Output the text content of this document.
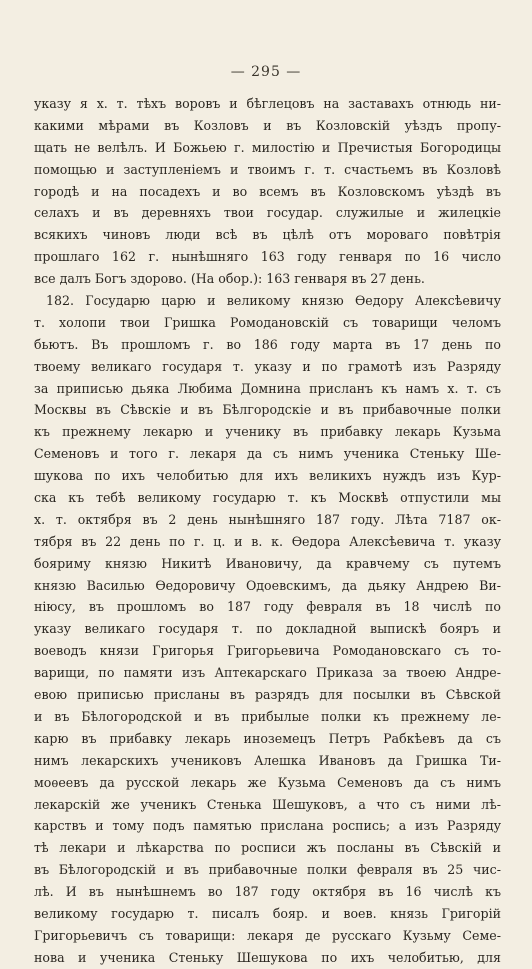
— 295 —
указу я х. т. тѣхъ воровъ и бѣглецовъ на заставахъ отнюдь ни-
какими мѣрами въ Козловъ и въ Козловскій уѣздъ пропу-
щать не велѣлъ. И Божьею г. милостію и Пречистыя Богородицы
помощью и заступленіемъ и твоимъ г. т. счастьемъ въ Козловѣ
городѣ и на посадехъ и во всемъ въ Козловскомъ уѣздѣ въ
селахъ и въ деревняхъ твои государ. служилые и жилецкіе
всякихъ чиновъ люди всѣ въ цѣлѣ отъ мороваго повѣтрія
прошлаго 162 г. нынѣшняго 163 году генваря по 16 число
все далъ Богъ здорово. (На обор.): 163 генваря въ 27 день.
182. Государю царю и великому князю Ѳедору Алексѣевичу
т. холопи твои Гришка Ромодановскій съ товарищи челомъ
бьютъ. Въ прошломъ г. во 186 году марта въ 17 день по
твоему великаго государя т. указу и по грамотѣ изъ Разряду
за приписью дьяка Любима Домнина присланъ къ намъ х. т. съ
Москвы въ Сѣвскіе и въ Бѣлгородскіе и въ прибавочные полки
къ прежнему лекарю и ученику въ прибавку лекарь Кузьма
Семеновъ и того г. лекаря да съ нимъ ученика Стеньку Ше-
шукова по ихъ челобитью для ихъ великихъ нуждъ изъ Кур-
ска къ тебѣ великому государю т. къ Москвѣ отпустили мы
х. т. октября въ 2 день нынѣшняго 187 году. Лѣта 7187 ок-
тября въ 22 день по г. ц. и в. к. Ѳедора Алексѣевича т. указу
бояриму князю Никитѣ Ивановичу, да кравчему съ путемъ
князю Василью Ѳедоровичу Одоевскимъ, да дьяку Андрею Ви-
ніюсу, въ прошломъ во 187 году февраля въ 18 числѣ по
указу великаго государя т. по докладной выпискѣ бояръ и
воеводъ князи Григорья Григорьевича Ромодановскаго съ то-
варищи, по памяти изъ Аптекарскаго Приказа за твоею Андре-
евою приписью присланы въ разрядъ для посылки въ Сѣвской
и въ Бѣлогородской и въ прибылые полки къ прежнему ле-
карю въ прибавку лекарь иноземецъ Петръ Рабкѣевъ да съ
нимъ лекарскихъ учениковъ Алешка Ивановъ да Гришка Ти-
моѳеевъ да русской лекарь же Кузьма Семеновъ да съ нимъ
лекарскій же ученикъ Стенька Шешуковъ, а что съ ними лѣ-
карствъ и тому подъ памятью прислана роспись; а изъ Разряду
тѣ лекари и лѣкарства по росписи жъ посланы въ Сѣвскій и
въ Бѣлогородскій и въ прибавочные полки февраля въ 25 чис-
лѣ. И въ нынѣшнемъ во 187 году октября въ 16 числѣ къ
великому государю т. писалъ бояр. и воев. князь Григорій
Григорьевичъ съ товарищи: лекаря де русскаго Кузьму Семе-
нова и ученика Стеньку Шешукова по ихъ челобитью, для
